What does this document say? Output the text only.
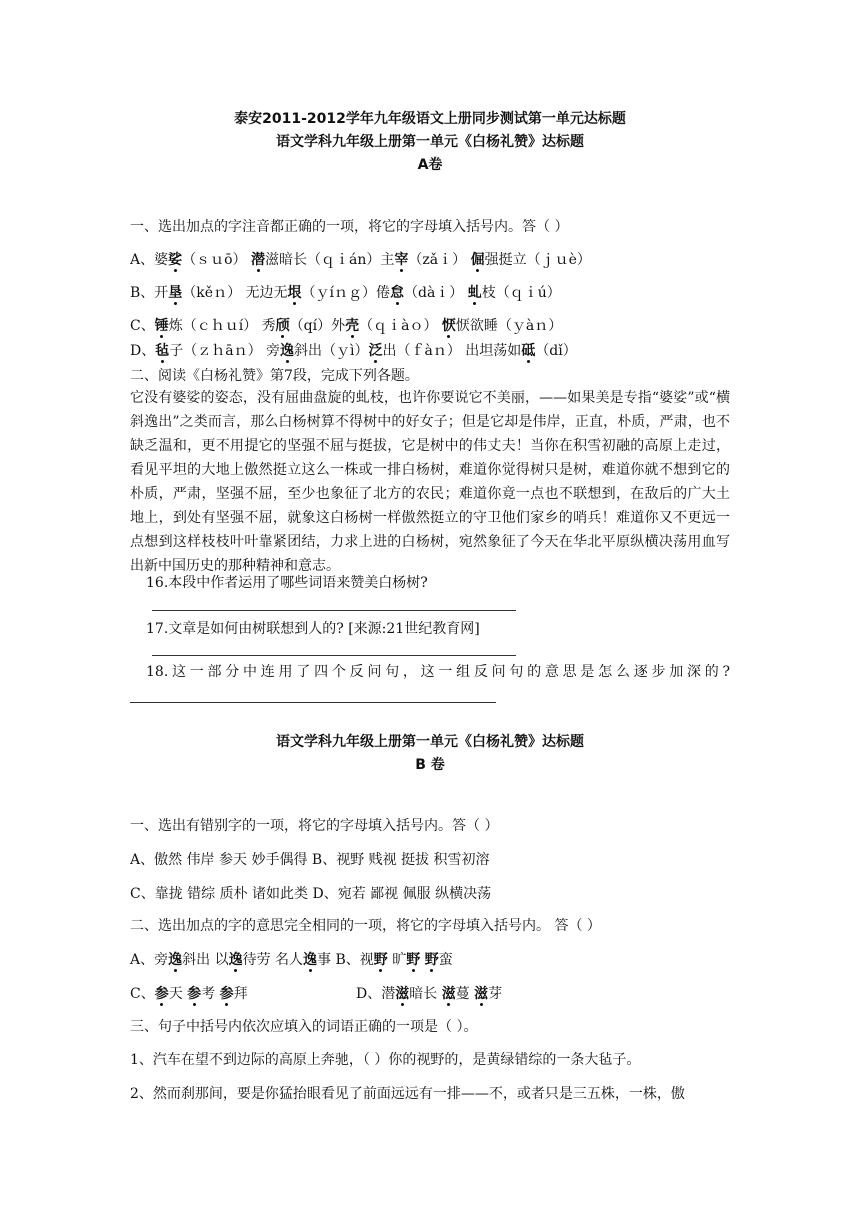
泰安2011-2012学年九年级语文上册同步测试第一单元达标题
语文学科九年级上册第一单元《白杨礼赞》达标题
A卷
一、选出加点的字注音都正确的一项，将它的字母填入括号内。答（ ）
A、婆娑（ｓｕō） 潜滋暗长（ｑｉán）主宰（zǎｉ） 倔强挺立（ｊｕè）
B、开垦（kěｎ） 无边无垠（ｙíｎｇ）倦怠（dàｉ） 虬枝（ｑｉú）
C、锤炼（ｃｈｕí） 秀颀（qí）外壳（ｑｉàｏ） 恹恹欲睡（ｙàｎ）
D、毡子（ｚｈāｎ） 旁逸斜出（ｙì）泛出（ｆàｎ） 出坦荡如砥（dǐ）
二、阅读《白杨礼赞》第7段，完成下列各题。
它没有婆娑的姿态，没有屈曲盘旋的虬枝，也许你要说它不美丽，——如果美是专指“婆娑”或“横斜逸出”之类而言，那么白杨树算不得树中的好女子；但是它却是伟岸，正直，朴质，严肃，也不缺乏温和，更不用提它的坚强不屈与挺拔，它是树中的伟丈夫！当你在积雪初融的高原上走过，看见平坦的大地上傲然挺立这么一株或一排白杨树，难道你觉得树只是树，难道你就不想到它的朴质，严肃，坚强不屈，至少也象征了北方的农民；难道你竟一点也不联想到，在敌后的广大土地上，到处有坚强不屈，就象这白杨树一样傲然挺立的守卫他们家乡的哨兵！难道你又不更远一点想到这样枝枝叶叶靠紧团结，力求上进的白杨树，宛然象征了今天在华北平原纵横决荡用血写出新中国历史的那种精神和意志。
16.本段中作者运用了哪些词语来赞美白杨树?
17.文章是如何由树联想到人的? [来源:21世纪教育网]
18.这一部分中连用了四个反问句，这一组反问句的意思是怎么逐步加深的?
语文学科九年级上册第一单元《白杨礼赞》达标题
B 卷
一、选出有错别字的一项，将它的字母填入括号内。答（ ）
A、傲然 伟岸 参天 妙手偶得 B、视野 贱视 挺拔 积雪初溶
C、靠拢 错综 质朴 诸如此类 D、宛若 鄙视 佩服 纵横决荡
二、选出加点的字的意思完全相同的一项，将它的字母填入括号内。 答（ ）
A、旁逸斜出 以逸待劳 名人逸事 B、视野 旷野 野蛮
C、参天 参考 参拜	D、潜滋暗长 滋蔓 滋芽
三、句子中括号内依次应填入的词语正确的一项是（ ）。
1、汽车在望不到边际的高原上奔驰，（ ）你的视野的，是黄绿错综的一条大毡子。
2、然而刹那间，要是你猛抬眼看见了前面远远有一排——不，或者只是三五株，一株，傲
